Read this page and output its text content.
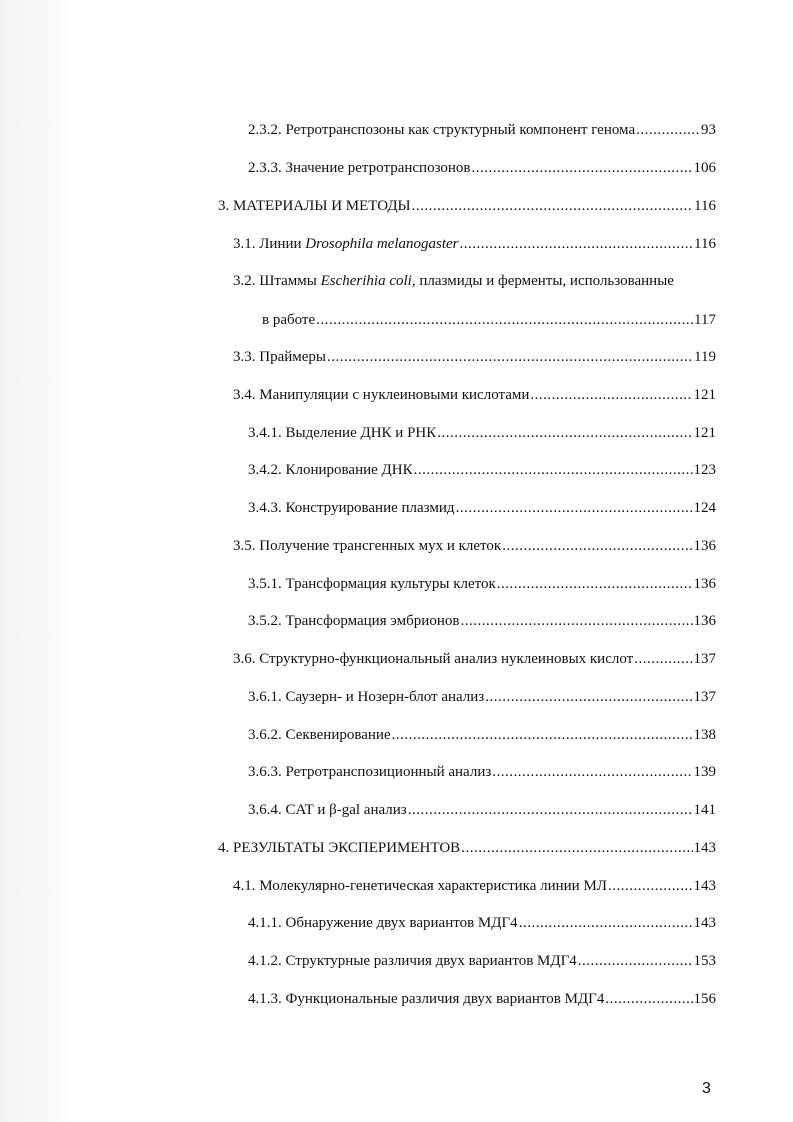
2.3.2. Ретротранспозоны как структурный компонент генома .....	93
2.3.3. Значение ретротранспозонов .....	106
3. МАТЕРИАЛЫ И МЕТОДЫ .....	116
3.1. Линии Drosophila melanogaster .....	116
3.2. Штаммы Escherihia coli, плазмиды и ферменты, использованные
в работе .....	117
3.3. Праймеры .....	119
3.4. Манипуляции с нуклеиновыми кислотами .....	121
3.4.1. Выделение ДНК и РНК .....	121
3.4.2. Клонирование ДНК .....	123
3.4.3. Конструирование плазмид .....	124
3.5. Получение трансгенных мух и клеток .....	136
3.5.1. Трансформация культуры клеток .....	136
3.5.2. Трансформация эмбрионов .....	136
3.6. Структурно-функциональный анализ нуклеиновых кислот .....	137
3.6.1. Саузерн- и Нозерн-блот анализ .....	137
3.6.2. Секвенирование .....	138
3.6.3. Ретротранспозиционный анализ .....	139
3.6.4. CAT и β-gal анализ .....	141
4. РЕЗУЛЬТАТЫ ЭКСПЕРИМЕНТОВ .....	143
4.1. Молекулярно-генетическая характеристика линии МЛ .....	143
4.1.1. Обнаружение двух вариантов МДГ4 .....	143
4.1.2. Структурные различия двух вариантов МДГ4 .....	153
4.1.3. Функциональные различия двух вариантов МДГ4 .....	156
3
